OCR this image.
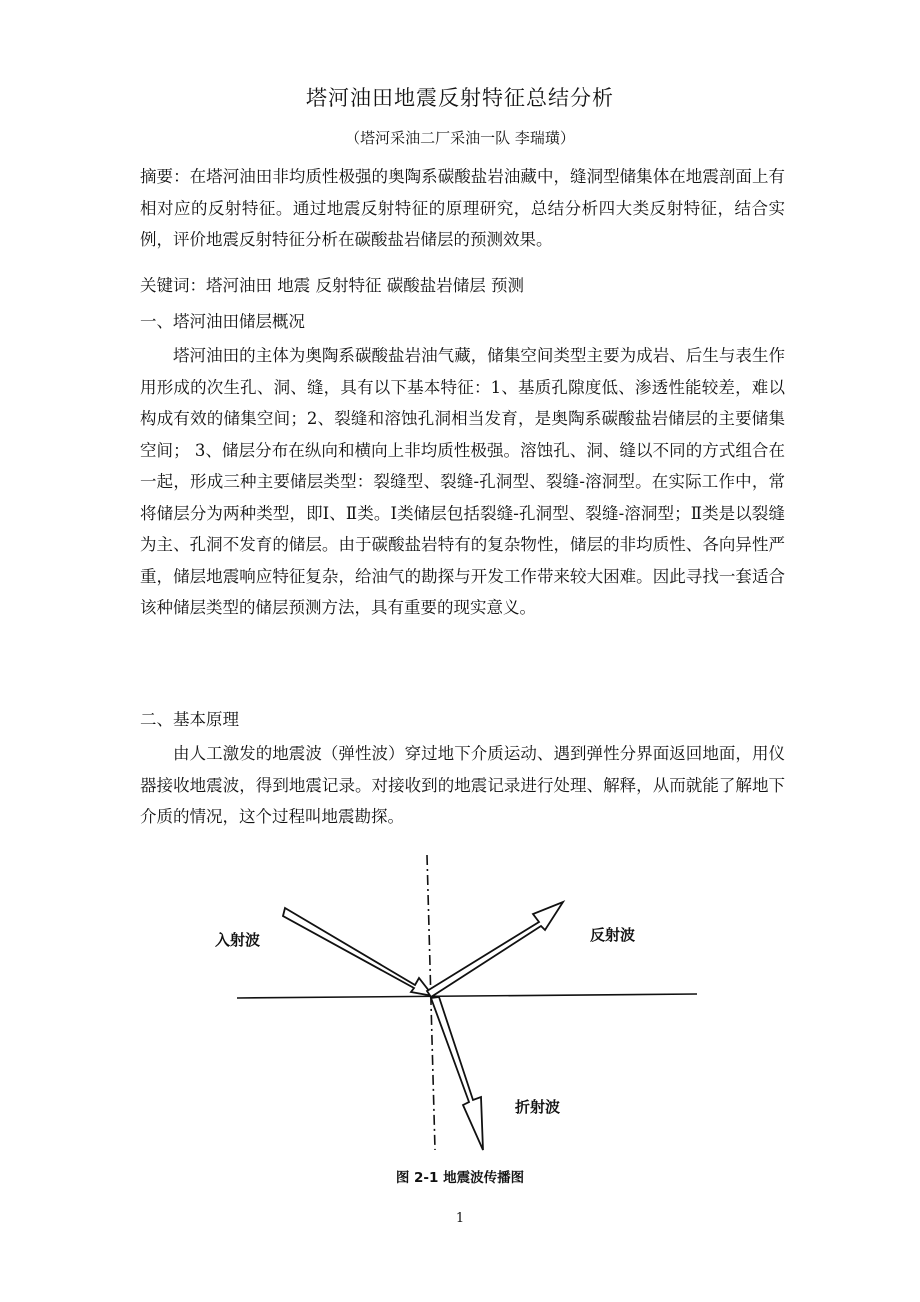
塔河油田地震反射特征总结分析
（塔河采油二厂采油一队 李瑞璜）

摘要：在塔河油田非均质性极强的奥陶系碳酸盐岩油藏中，缝洞型储集体在地震剖面上有相对应的反射特征。通过地震反射特征的原理研究，总结分析四大类反射特征，结合实例，评价地震反射特征分析在碳酸盐岩储层的预测效果。

关键词：塔河油田 地震 反射特征 碳酸盐岩储层 预测
一、塔河油田储层概况

塔河油田的主体为奥陶系碳酸盐岩油气藏，储集空间类型主要为成岩、后生与表生作用形成的次生孔、洞、缝，具有以下基本特征：1、基质孔隙度低、渗透性能较差，难以构成有效的储集空间；2、裂缝和溶蚀孔洞相当发育，是奥陶系碳酸盐岩储层的主要储集空间； 3、储层分布在纵向和横向上非均质性极强。溶蚀孔、洞、缝以不同的方式组合在一起，形成三种主要储层类型：裂缝型、裂缝-孔洞型、裂缝-溶洞型。在实际工作中，常将储层分为两种类型，即Ⅰ、Ⅱ类。Ⅰ类储层包括裂缝-孔洞型、裂缝-溶洞型；Ⅱ类是以裂缝为主、孔洞不发育的储层。由于碳酸盐岩特有的复杂物性，储层的非均质性、各向异性严重，储层地震响应特征复杂，给油气的勘探与开发工作带来较大困难。因此寻找一套适合该种储层类型的储层预测方法，具有重要的现实意义。

二、基本原理

由人工激发的地震波（弹性波）穿过地下介质运动、遇到弹性分界面返回地面，用仪器接收地震波，得到地震记录。对接收到的地震记录进行处理、解释，从而就能了解地下介质的情况，这个过程叫地震勘探。

入射波	反射波
折射波
图 2-1 地震波传播图
1
